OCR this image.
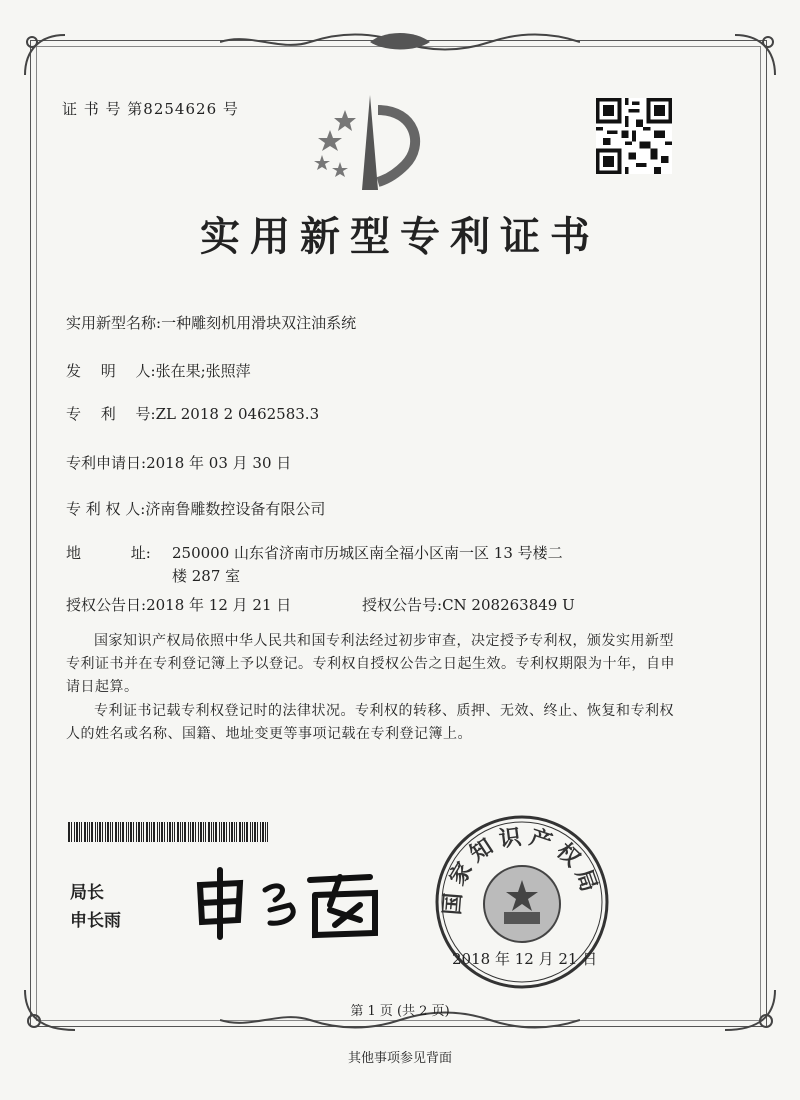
证 书 号 第8254626 号
实用新型专利证书
实用新型名称:一种雕刻机用滑块双注油系统
发　 明　 人:张在果;张照萍
专　 利　 号:ZL 2018 2 0462583.3
专利申请日:2018 年 03 月 30 日
专 利 权 人:济南鲁雕数控设备有限公司
地　　　 址: 250000 山东省济南市历城区南全福小区南一区 13 号楼二
楼 287 室
授权公告日:2018 年 12 月 21 日	授权公告号:CN 208263849 U
国家知识产权局依照中华人民共和国专利法经过初步审查，决定授予专利权，颁发实用新型专利证书并在专利登记簿上予以登记。专利权自授权公告之日起生效。专利权期限为十年，自申请日起算。
专利证书记载专利权登记时的法律状况。专利权的转移、质押、无效、终止、恢复和专利权人的姓名或名称、国籍、地址变更等事项记载在专利登记簿上。
局长
申长雨
国家知识产权局
2018 年 12 月 21 日
第 1 页 (共 2 页)
其他事项参见背面
